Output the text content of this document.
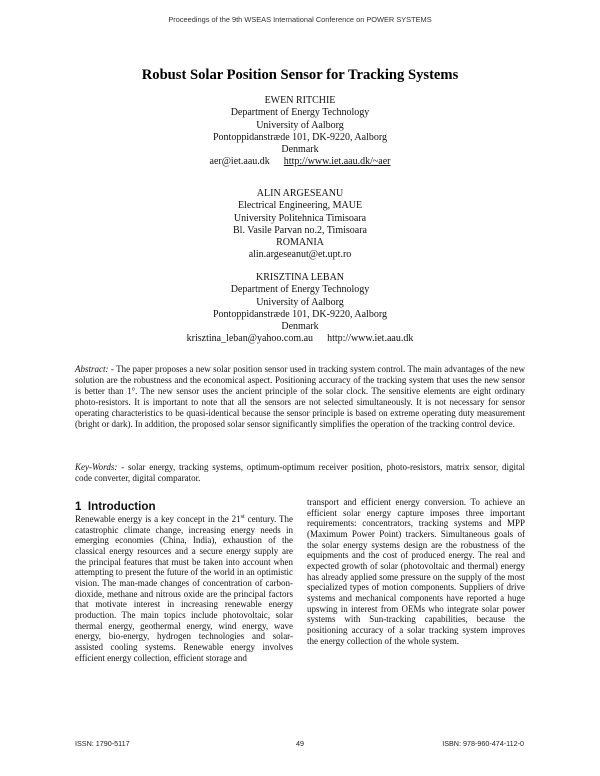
Proceedings of the 9th WSEAS International Conference on POWER SYSTEMS
Robust Solar Position Sensor for Tracking Systems
EWEN RITCHIE
Department of Energy Technology
University of Aalborg
Pontoppidanstræde 101, DK-9220, Aalborg
Denmark
aer@iet.aau.dk http://www.iet.aau.dk/~aer
ALIN ARGESEANU
Electrical Engineering, MAUE
University Politehnica Timisoara
Bl. Vasile Parvan no.2, Timisoara
ROMANIA
alin.argeseanut@et.upt.ro
KRISZTINA LEBAN
Department of Energy Technology
University of Aalborg
Pontoppidanstræde 101, DK-9220, Aalborg
Denmark
krisztina_leban@yahoo.com.au http://www.iet.aau.dk
Abstract: - The paper proposes a new solar position sensor used in tracking system control. The main advantages of the new solution are the robustness and the economical aspect. Positioning accuracy of the tracking system that uses the new sensor is better than 1°. The new sensor uses the ancient principle of the solar clock. The sensitive elements are eight ordinary photo-resistors. It is important to note that all the sensors are not selected simultaneously. It is not necessary for sensor operating characteristics to be quasi-identical because the sensor principle is based on extreme operating duty measurement (bright or dark). In addition, the proposed solar sensor significantly simplifies the operation of the tracking control device.
Key-Words: - solar energy, tracking systems, optimum-optimum receiver position, photo-resistors, matrix sensor, digital code converter, digital comparator.
1 Introduction
Renewable energy is a key concept in the 21st century. The catastrophic climate change, increasing energy needs in emerging economies (China, India), exhaustion of the classical energy resources and a secure energy supply are the principal features that must be taken into account when attempting to present the future of the world in an optimistic vision. The man-made changes of concentration of carbon-dioxide, methane and nitrous oxide are the principal factors that motivate interest in increasing renewable energy production. The main topics include photovoltaic, solar thermal energy, geothermal energy, wind energy, wave energy, bio-energy, hydrogen technologies and solar-assisted cooling systems. Renewable energy involves efficient energy collection, efficient storage and
transport and efficient energy conversion. To achieve an efficient solar energy capture imposes three important requirements: concentrators, tracking systems and MPP (Maximum Power Point) trackers. Simultaneous goals of the solar energy systems design are the robustness of the equipments and the cost of produced energy. The real and expected growth of solar (photovoltaic and thermal) energy has already applied some pressure on the supply of the most specialized types of motion components. Suppliers of drive systems and mechanical components have reported a huge upswing in interest from OEMs who integrate solar power systems with Sun-tracking capabilities, because the positioning accuracy of a solar tracking system improves the energy collection of the whole system.
ISSN: 1790-5117	49	ISBN: 978-960-474-112-0
